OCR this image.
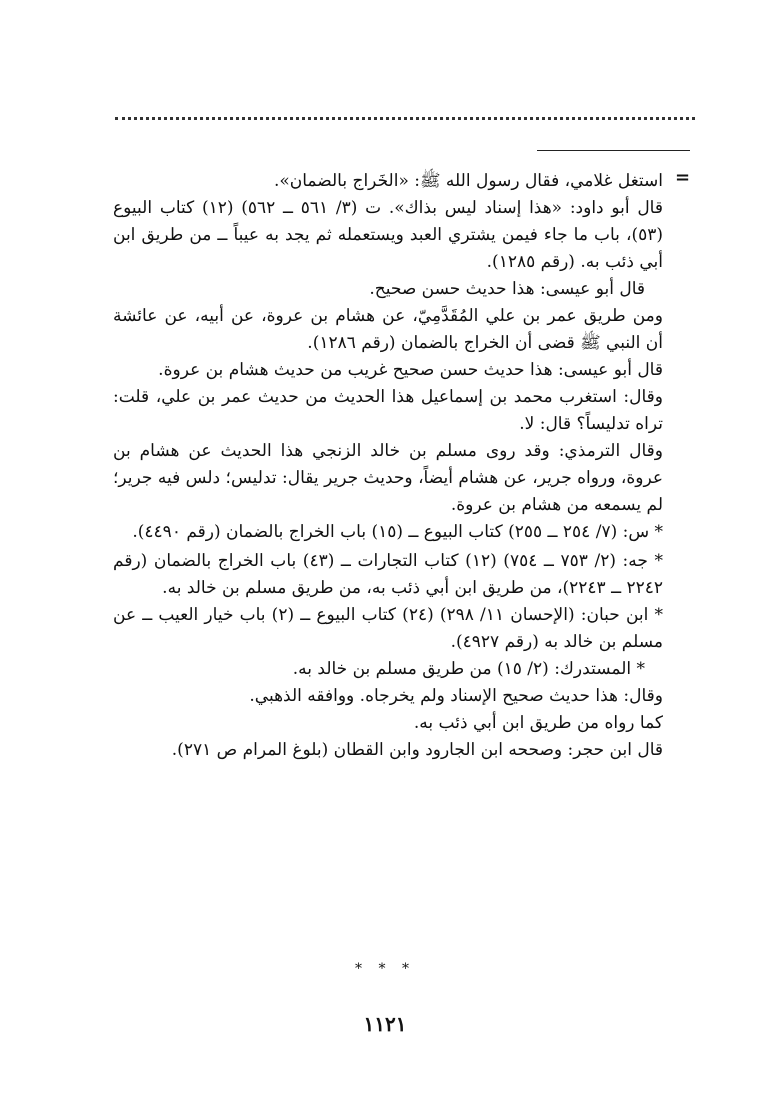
=

استغل غلامي، فقال رسول الله ﷺ: «الخَراج بالضمان».

قال أبو داود: «هذا إسناد ليس بذاك». ت (٣/ ٥٦١ ــ ٥٦٢) (١٢) كتاب البيوع (٥٣)، باب ما جاء فيمن يشتري العبد ويستعمله ثم يجد به عيباً ــ من طريق ابن أبي ذئب به. (رقم ١٢٨٥).

قال أبو عيسى: هذا حديث حسن صحيح.

ومن طريق عمر بن علي المُقَدَّمِيّ، عن هشام بن عروة، عن أبيه، عن عائشة أن النبي ﷺ قضى أن الخراج بالضمان (رقم ١٢٨٦).

قال أبو عيسى: هذا حديث حسن صحيح غريب من حديث هشام بن عروة.

وقال: استغرب محمد بن إسماعيل هذا الحديث من حديث عمر بن علي، قلت: تراه تدليساً؟ قال: لا.

وقال الترمذي: وقد روى مسلم بن خالد الزنجي هذا الحديث عن هشام بن عروة، ورواه جرير، عن هشام أيضاً، وحديث جرير يقال: تدليس؛ دلس فيه جرير؛ لم يسمعه من هشام بن عروة.

* س: (٧/ ٢٥٤ ــ ٢٥٥) كتاب البيوع ــ (١٥) باب الخراج بالضمان (رقم ٤٤٩٠).

* جه: (٢/ ٧٥٣ ــ ٧٥٤) (١٢) كتاب التجارات ــ (٤٣) باب الخراج بالضمان (رقم ٢٢٤٢ ــ ٢٢٤٣)، من طريق ابن أبي ذئب به، من طريق مسلم بن خالد به.

* ابن حبان: (الإحسان ١١/ ٢٩٨) (٢٤) كتاب البيوع ــ (٢) باب خيار العيب ــ عن مسلم بن خالد به (رقم ٤٩٢٧).

* المستدرك: (٢/ ١٥) من طريق مسلم بن خالد به.

وقال: هذا حديث صحيح الإسناد ولم يخرجاه. ووافقه الذهبي.

كما رواه من طريق ابن أبي ذئب به.

قال ابن حجر: وصححه ابن الجارود وابن القطان (بلوغ المرام ص ٢٧١).

* * *
١١٢١
